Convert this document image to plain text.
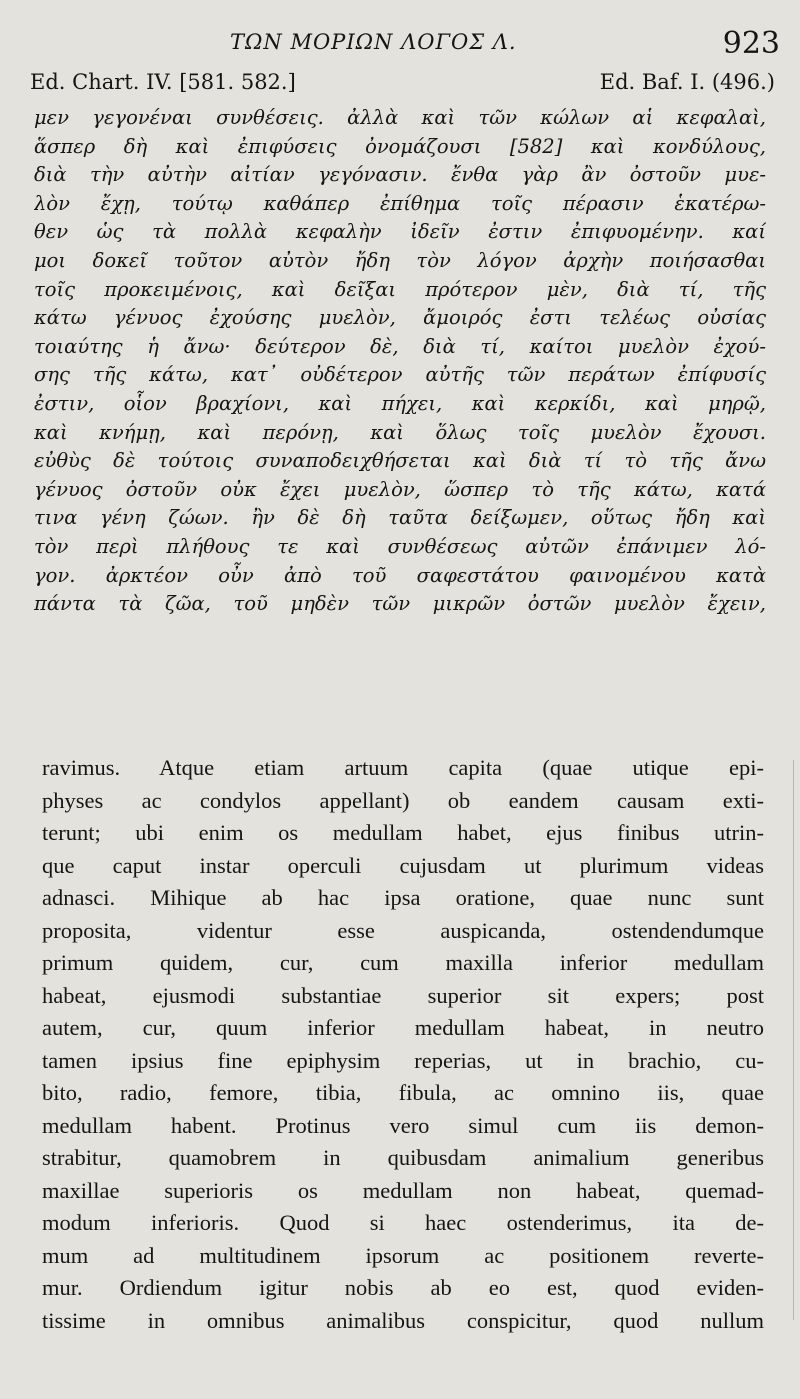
ΤΩΝ ΜΟΡΙΩΝ ΛΟΓΟΣ Λ.	923
Ed. Chart. IV. [581. 582.]	Ed. Baf. I. (496.)
μεν γεγονέναι συνθέσεις. ἀλλὰ καὶ τῶν κώλων αἱ κεφαλαὶ,
ἅσπερ δὴ καὶ ἐπιφύσεις ὀνομάζουσι [582] καὶ κονδύλους,
διὰ τὴν αὐτὴν αἰτίαν γεγόνασιν. ἔνθα γὰρ ἂν ὀστοῦν μυε-
λὸν ἔχῃ, τούτῳ καθάπερ ἐπίθημα τοῖς πέρασιν ἑκατέρω-
θεν ὡς τὰ πολλὰ κεφαλὴν ἰδεῖν ἐστιν ἐπιφυομένην. καί
μοι δοκεῖ τοῦτον αὐτὸν ἤδη τὸν λόγον ἀρχὴν ποιήσασθαι
τοῖς προκειμένοις, καὶ δεῖξαι πρότερον μὲν, διὰ τί, τῆς
κάτω γένυος ἐχούσης μυελὸν, ἄμοιρός ἐστι τελέως οὐσίας
τοιαύτης ἡ ἄνω· δεύτερον δὲ, διὰ τί, καίτοι μυελὸν ἐχού-
σης τῆς κάτω, κατ᾽ οὐδέτερον αὐτῆς τῶν περάτων ἐπίφυσίς
ἐστιν, οἷον βραχίονι, καὶ πήχει, καὶ κερκίδι, καὶ μηρῷ,
καὶ κνήμῃ, καὶ περόνῃ, καὶ ὅλως τοῖς μυελὸν ἔχουσι.
εὐθὺς δὲ τούτοις συναποδειχθήσεται καὶ διὰ τί τὸ τῆς ἄνω
γένυος ὀστοῦν οὐκ ἔχει μυελὸν, ὥσπερ τὸ τῆς κάτω, κατά
τινα γένη ζώων. ἢν δὲ δὴ ταῦτα δείξωμεν, οὕτως ἤδη καὶ
τὸν περὶ πλήθους τε καὶ συνθέσεως αὐτῶν ἐπάνιμεν λό-
γον. ἀρκτέον οὖν ἀπὸ τοῦ σαφεστάτου φαινομένου κατὰ
πάντα τὰ ζῶα, τοῦ μηδὲν τῶν μικρῶν ὀστῶν μυελὸν ἔχειν,
ravimus. Atque etiam artuum capita (quae utique epi-
physes ac condylos appellant) ob eandem causam exti-
terunt; ubi enim os medullam habet, ejus finibus utrin-
que caput instar operculi cujusdam ut plurimum videas
adnasci. Mihique ab hac ipsa oratione, quae nunc sunt
proposita, videntur esse auspicanda, ostendendumque
primum quidem, cur, cum maxilla inferior medullam
habeat, ejusmodi substantiae superior sit expers; post
autem, cur, quum inferior medullam habeat, in neutro
tamen ipsius fine epiphysim reperias, ut in brachio, cu-
bito, radio, femore, tibia, fibula, ac omnino iis, quae
medullam habent. Protinus vero simul cum iis demon-
strabitur, quamobrem in quibusdam animalium generibus
maxillae superioris os medullam non habeat, quemad-
modum inferioris. Quod si haec ostenderimus, ita de-
mum ad multitudinem ipsorum ac positionem reverte-
mur. Ordiendum igitur nobis ab eo est, quod eviden-
tissime in omnibus animalibus conspicitur, quod nullum
